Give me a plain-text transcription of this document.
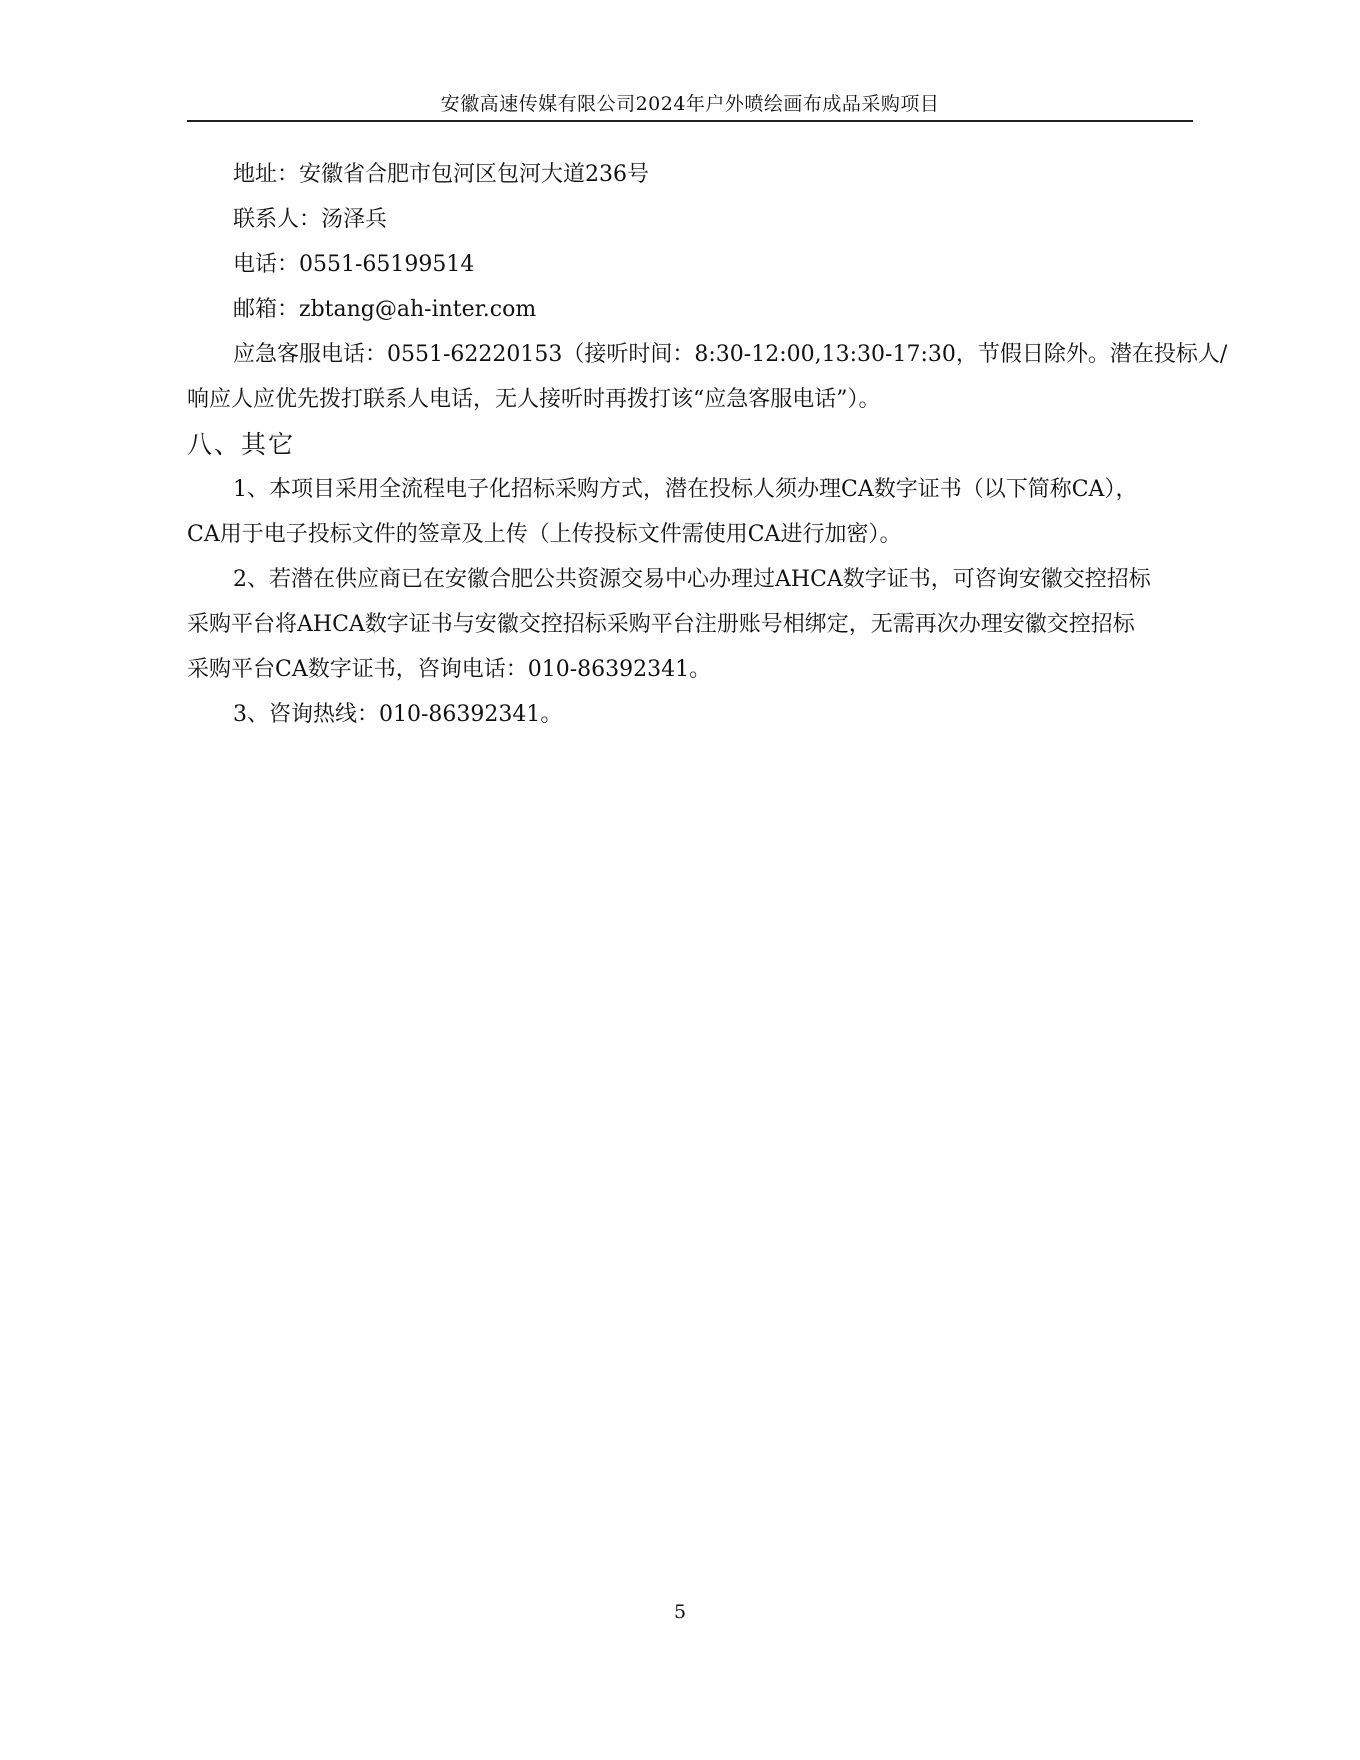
安徽高速传媒有限公司2024年户外喷绘画布成品采购项目
地址：安徽省合肥市包河区包河大道236号
联系人：汤泽兵
电话：0551-65199514
邮箱：zbtang@ah-inter.com
应急客服电话：0551-62220153（接听时间：8:30-12:00,13:30-17:30，节假日除外。潜在投标人/
响应人应优先拨打联系人电话，无人接听时再拨打该“应急客服电话”）。
八、其它
1、本项目采用全流程电子化招标采购方式，潜在投标人须办理CA数字证书（以下简称CA），
CA用于电子投标文件的签章及上传（上传投标文件需使用CA进行加密）。
2、若潜在供应商已在安徽合肥公共资源交易中心办理过AHCA数字证书，可咨询安徽交控招标
采购平台将AHCA数字证书与安徽交控招标采购平台注册账号相绑定，无需再次办理安徽交控招标
采购平台CA数字证书，咨询电话：010-86392341。
3、咨询热线：010-86392341。
5
